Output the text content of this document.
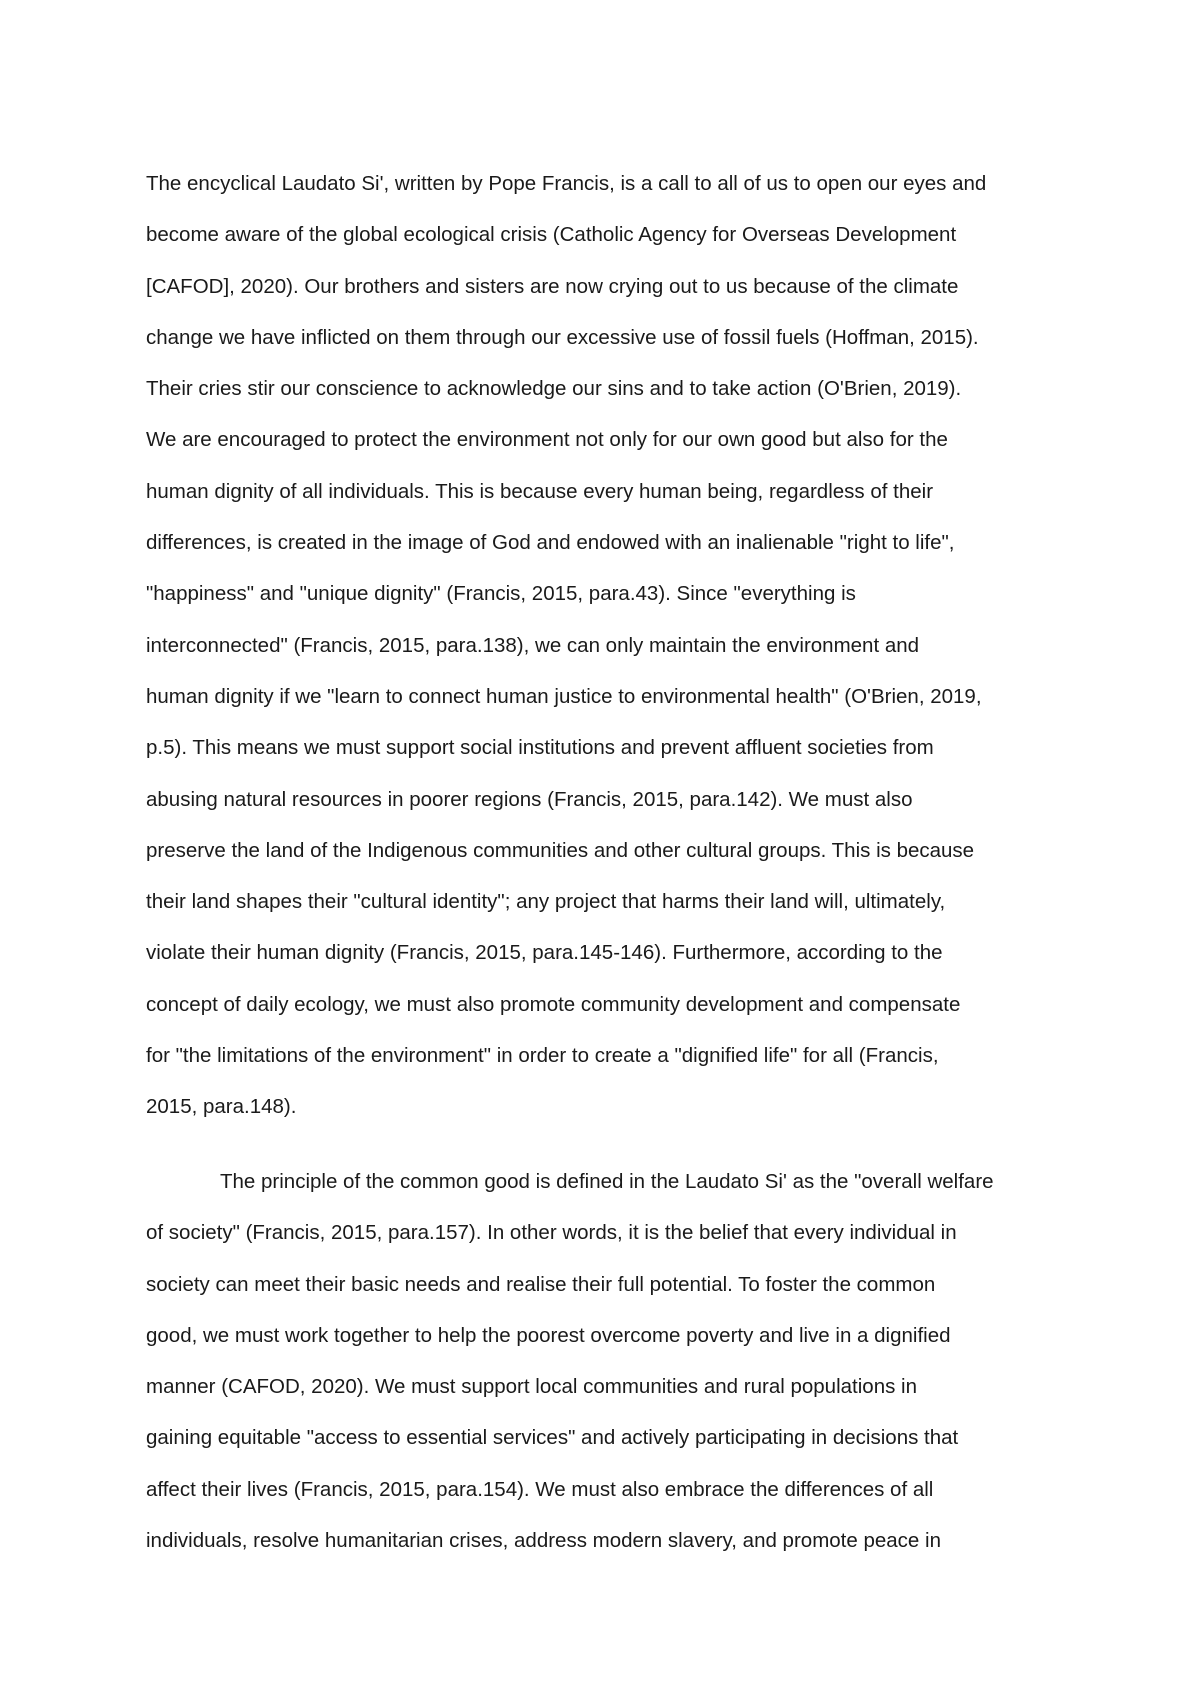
The encyclical Laudato Si', written by Pope Francis, is a call to all of us to open our eyes and
become aware of the global ecological crisis (Catholic Agency for Overseas Development
[CAFOD], 2020). Our brothers and sisters are now crying out to us because of the climate
change we have inflicted on them through our excessive use of fossil fuels (Hoffman, 2015).
Their cries stir our conscience to acknowledge our sins and to take action (O'Brien, 2019).
We are encouraged to protect the environment not only for our own good but also for the
human dignity of all individuals. This is because every human being, regardless of their
differences, is created in the image of God and endowed with an inalienable "right to life",
"happiness" and "unique dignity" (Francis, 2015, para.43). Since "everything is
interconnected" (Francis, 2015, para.138), we can only maintain the environment and
human dignity if we "learn to connect human justice to environmental health" (O'Brien, 2019,
p.5). This means we must support social institutions and prevent affluent societies from
abusing natural resources in poorer regions (Francis, 2015, para.142). We must also
preserve the land of the Indigenous communities and other cultural groups. This is because
their land shapes their "cultural identity"; any project that harms their land will, ultimately,
violate their human dignity (Francis, 2015, para.145-146). Furthermore, according to the
concept of daily ecology, we must also promote community development and compensate
for "the limitations of the environment" in order to create a "dignified life" for all (Francis,
2015, para.148).
The principle of the common good is defined in the Laudato Si' as the "overall welfare
of society" (Francis, 2015, para.157). In other words, it is the belief that every individual in
society can meet their basic needs and realise their full potential. To foster the common
good, we must work together to help the poorest overcome poverty and live in a dignified
manner (CAFOD, 2020). We must support local communities and rural populations in
gaining equitable "access to essential services" and actively participating in decisions that
affect their lives (Francis, 2015, para.154). We must also embrace the differences of all
individuals, resolve humanitarian crises, address modern slavery, and promote peace in
